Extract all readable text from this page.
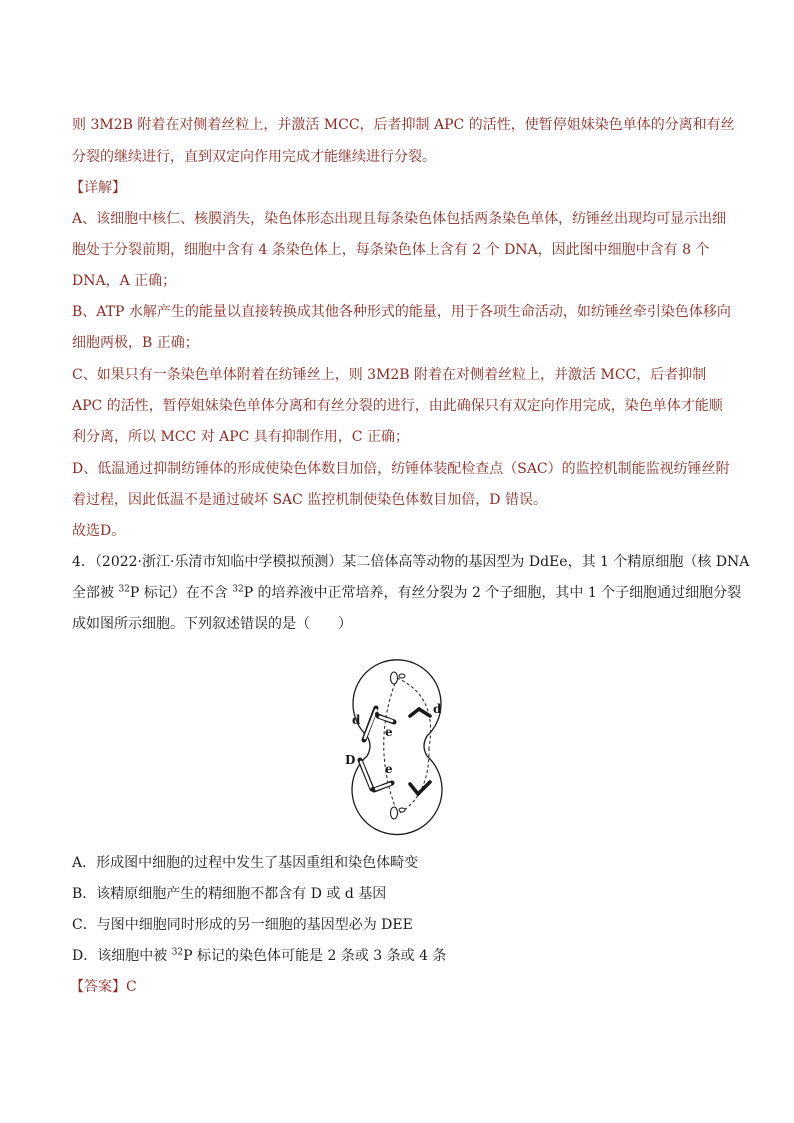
则 3M2B 附着在对侧着丝粒上，并激活 MCC，后者抑制 APC 的活性，使暂停姐妹染色单体的分离和有丝
分裂的继续进行，直到双定向作用完成才能继续进行分裂。
【详解】
A、该细胞中核仁、核膜消失，染色体形态出现且每条染色体包括两条染色单体，纺锤丝出现均可显示出细
胞处于分裂前期，细胞中含有 4 条染色体上，每条染色体上含有 2 个 DNA，因此图中细胞中含有 8 个
DNA，A 正确；
B、ATP 水解产生的能量以直接转换成其他各种形式的能量，用于各项生命活动，如纺锤丝牵引染色体移向
细胞两极，B 正确；
C、如果只有一条染色单体附着在纺锤丝上，则 3M2B 附着在对侧着丝粒上，并激活 MCC，后者抑制
APC 的活性，暂停姐妹染色单体分离和有丝分裂的进行，由此确保只有双定向作用完成，染色单体才能顺
利分离，所以 MCC 对 APC 具有抑制作用，C 正确；
D、低温通过抑制纺锤体的形成使染色体数目加倍，纺锤体装配检查点（SAC）的监控机制能监视纺锤丝附
着过程，因此低温不是通过破坏 SAC 监控机制使染色体数目加倍，D 错误。
故选D。
4．（2022·浙江·乐清市知临中学模拟预测）某二倍体高等动物的基因型为 DdEe，其 1 个精原细胞（核 DNA
全部被 $^{32}$P 标记）在不含 $^{32}$P 的培养液中正常培养，有丝分裂为 2 个子细胞，其中 1 个子细胞通过细胞分裂
成如图所示细胞。下列叙述错误的是（　　）
d
e
d
D
e
A．形成图中细胞的过程中发生了基因重组和染色体畸变
B．该精原细胞产生的精细胞不都含有 D 或 d 基因
C．与图中细胞同时形成的另一细胞的基因型必为 DEE
D．该细胞中被 $^{32}$P 标记的染色体可能是 2 条或 3 条或 4 条
【答案】C
